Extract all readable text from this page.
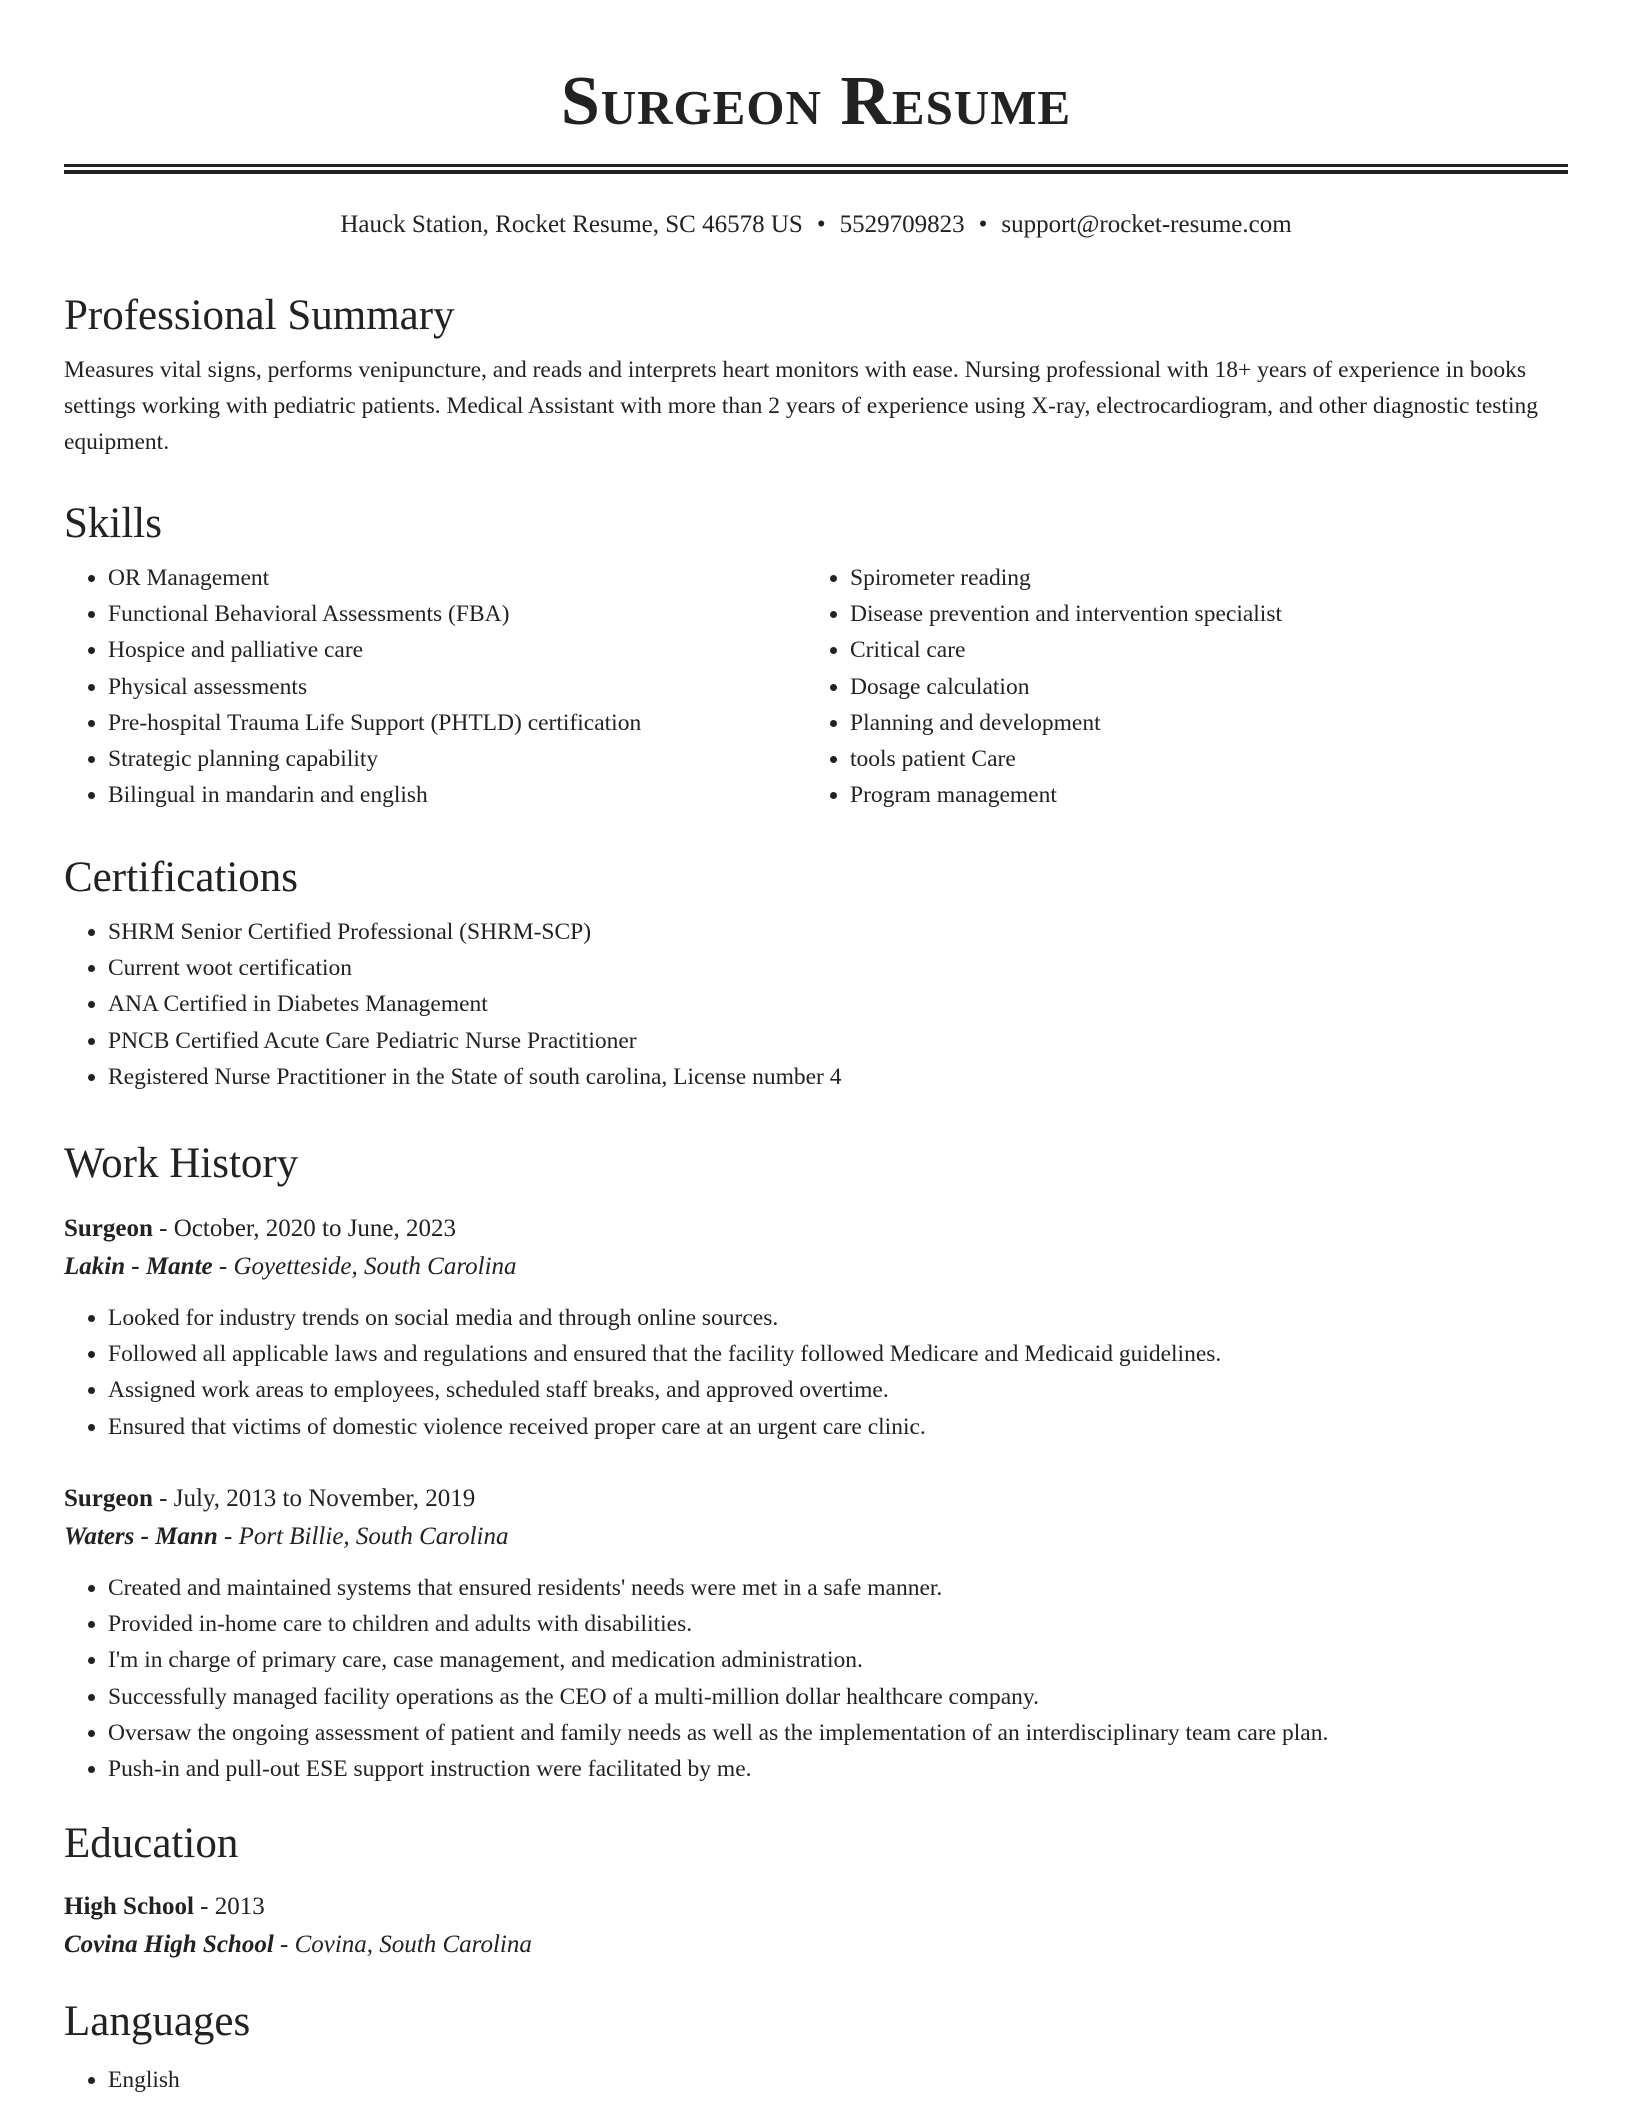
Surgeon Resume
Hauck Station, Rocket Resume, SC 46578 US • 5529709823 • support@rocket-resume.com
Professional Summary

Measures vital signs, performs venipuncture, and reads and interprets heart monitors with ease. Nursing professional with 18+ years of experience in books settings working with pediatric patients. Medical Assistant with more than 2 years of experience using X-ray, electrocardiogram, and other diagnostic testing equipment.

Skills
• OR Management
• Functional Behavioral Assessments (FBA)
• Hospice and palliative care
• Physical assessments
• Pre-hospital Trauma Life Support (PHTLD) certification
• Strategic planning capability
• Bilingual in mandarin and english
• Spirometer reading
• Disease prevention and intervention specialist
• Critical care
• Dosage calculation
• Planning and development
• tools patient Care
• Program management
Certifications
• SHRM Senior Certified Professional (SHRM-SCP)
• Current woot certification
• ANA Certified in Diabetes Management
• PNCB Certified Acute Care Pediatric Nurse Practitioner
• Registered Nurse Practitioner in the State of south carolina, License number 4
Work History
Surgeon - October, 2020 to June, 2023
Lakin - Mante - Goyetteside, South Carolina
• Looked for industry trends on social media and through online sources.
• Followed all applicable laws and regulations and ensured that the facility followed Medicare and Medicaid guidelines.
• Assigned work areas to employees, scheduled staff breaks, and approved overtime.
• Ensured that victims of domestic violence received proper care at an urgent care clinic.
Surgeon - July, 2013 to November, 2019
Waters - Mann - Port Billie, South Carolina
• Created and maintained systems that ensured residents' needs were met in a safe manner.
• Provided in-home care to children and adults with disabilities.
• I'm in charge of primary care, case management, and medication administration.
• Successfully managed facility operations as the CEO of a multi-million dollar healthcare company.
• Oversaw the ongoing assessment of patient and family needs as well as the implementation of an interdisciplinary team care plan.
• Push-in and pull-out ESE support instruction were facilitated by me.
Education
High School - 2013
Covina High School - Covina, South Carolina
Languages
• English
